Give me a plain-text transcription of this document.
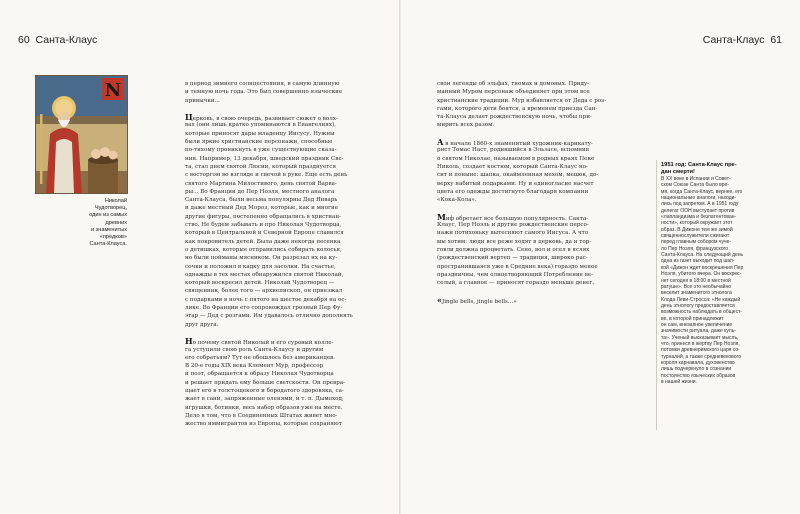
60 Санта-Клаус	Санта-Клаус 61
N
Николай
Чудотворец,
один из самых
древних
и знаменитых
«предков»
Санта-Клауса.
в период зимнего солнцестояния, в самую длинную
и темную ночь года. Это был совершенно языческие
привычки...
Церковь, в свою очередь, развивает сюжет о волх-
вах (они лишь кратко упоминаются в Евангелиях),
которые приносят дары младенцу Иисусу. Нужны
были яркие христианские персонажи, способные
по-тихому проникнуть в уже существующие сказа-
ния. Например, 13 декабря, шведский праздник Све-
та, стал днем святой Люсии, который празднуется
с восторгом во взгляде и свечой в руке. Еще есть день
святого Мартина Милостивого, день святой Варва-
ры... Во Франции до Пер Ноэля, местного аналога
Санта-Клауса, были весьма популярны Дед Январь
и даже местный Дед Мороз, которые, как и многие
другие фигуры, постепенно обращались в христиан-
ство. Не будем забывать и про Николая Чудотворца,
который в Центральной и Северной Европе славился
как покровитель детей. Была даже некогда песенка
о детишках, которые отправились собирать колосья,
но были пойманы мясником. Он разрезал их на ку-
сочки и положил в кадку для засолки. На счастье,
однажды в тех местах обнаружился святой Николай,
который воскресил детей. Николай Чудотворец —
священник, более того — архиепископ, он приезжал
с подарками в ночь с пятого на шестое декабря на ос-
лике. Во Франции его сопровождал грозный Пер Фу-
этар — Дед с розгами. Им удавалось отлично дополнять
друг друга.
Но почему святой Николай и его суровый колле-
га уступили свою роль Санта-Клаусу и другим
его собратьям? Тут не обошлось без американцев.
В 20-е годы XIX века Клемент Мур, профессор
и поэт, обращается к образу Николая Чудотворца
и решает придать ему больше светскости. Он превра-
щает его в толстощекого и бородатого здоровяка, са-
жает в сани, запряженные оленями, и т. п. Дымоход,
игрушки, ботинки, весь набор образов уже на месте.
Дело в том, что в Соединенных Штатах живет мно-
жество иммигрантов из Европы, которые сохраняют
свои легенды об эльфах, гномах и домовых. Приду-
манный Муром персонаж объединяет при этом все
христианские традиции. Мур избавляется от Деда с роз-
гами, которого дети боятся, а временем приезда Сан-
та-Клауса делает рождественскую ночь, чтобы при-
мирить всех разом.
А в начале 1860-х знаменитый художник-карикату-
рист Томас Наст, родившийся в Эльзасе, вспомнив
о святом Николае, называемом в родных краях Пеке
Николь, создает костюм, который Санта-Клаус но-
сит и поныне: шапка, окаймленная мехом, мешок, до-
верху набитый подарками. Ну и единогласие насчет
цвета его одежды достигнуто благодаря компании
«Кока-Кола».
Миф обретает все большую популярность. Санта-
Клаус, Пер Ноэль и другие рождественские персо-
нажи потихоньку вытесняют самого Иисуса. А что
мы хотим: люди все реже ходят в церковь, да и тор-
говли должна процветать. Сено, вол и осел в яслях
(рождественский вертеп — традиция, широко рас-
пространившаяся уже в Средние века) гораздо менее
праздничны, чем олицетворяющий Потребление ве-
селый, а главное — приносят гораздо меньше денег.
«Jingle bells, jingle bells...»
1951 год: Санта-Клаус пре-
дан смерти!
В XX веке в Испании и Совет-
ском Союзе Санта было вре-
мя, когда Санта-Клаус, вернее, его
национальные аналоги, находи-
лись под запретом. А в 1951 году
делегат ООН выступает против
«лапландизма и безпатентован-
ности», который окружает этот
образ. В Дижоне тем же зимой
священнослужители сжигают
перед главным собором чуче-
ло Пер Ноэля, французского
Санта-Клауса. На следующий день
одна из газет выходит под шап-
кой «Дижон ждет воскрешения Пер
Ноэля, убитого вчера. Он воскрес-
нет сегодня в 18:00 в местной
ратуше». Все это необычайно
веселит знаменитого этнолога
Клода Леви-Стросса: «Не каждый
день этнологу предоставляется
возможность наблюдать в общест-
ве, в которой принадлежит
он сам, внезапное увеличение
значимости ритуала, даже куль-
та». Ученый высказывает мысль,
что, принеся в жертву Пер Ноэля,
потомки древнеримского царя со-
турналий, а также средневекового
короля карнавала, духовенство
лишь подчеркнуло в сознании
постоянство языческих образов
в нашей жизни.
